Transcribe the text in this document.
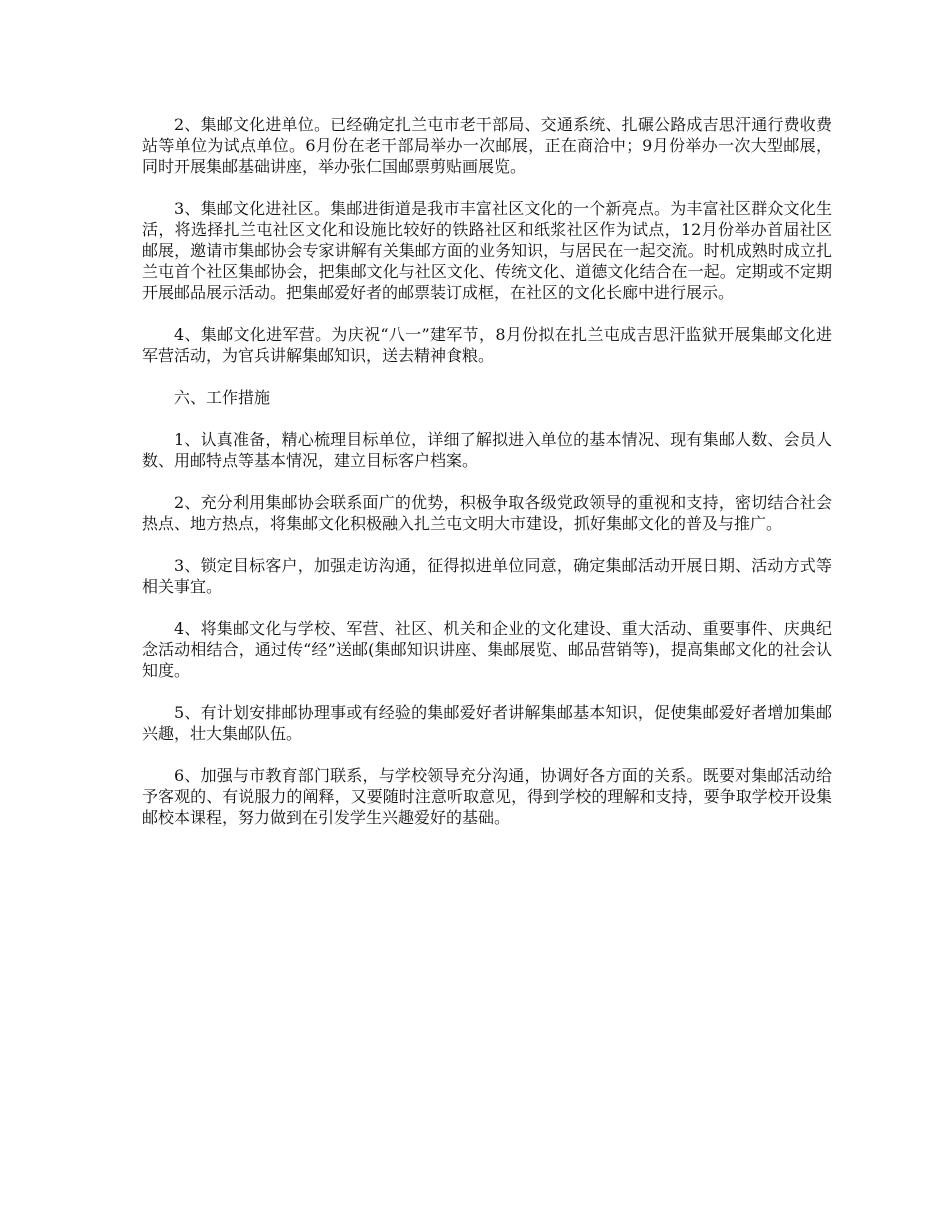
2、集邮文化进单位。已经确定扎兰屯市老干部局、交通系统、扎碾公路成吉思汗通行费收费站等单位为试点单位。6月份在老干部局举办一次邮展，正在商洽中；9月份举办一次大型邮展，同时开展集邮基础讲座，举办张仁国邮票剪贴画展览。

3、集邮文化进社区。集邮进街道是我市丰富社区文化的一个新亮点。为丰富社区群众文化生活，将选择扎兰屯社区文化和设施比较好的铁路社区和纸浆社区作为试点，12月份举办首届社区邮展，邀请市集邮协会专家讲解有关集邮方面的业务知识，与居民在一起交流。时机成熟时成立扎兰屯首个社区集邮协会，把集邮文化与社区文化、传统文化、道德文化结合在一起。定期或不定期开展邮品展示活动。把集邮爱好者的邮票装订成框，在社区的文化长廊中进行展示。

4、集邮文化进军营。为庆祝“八一”建军节，8月份拟在扎兰屯成吉思汗监狱开展集邮文化进军营活动，为官兵讲解集邮知识，送去精神食粮。

六、工作措施

1、认真准备，精心梳理目标单位，详细了解拟进入单位的基本情况、现有集邮人数、会员人数、用邮特点等基本情况，建立目标客户档案。

2、充分利用集邮协会联系面广的优势，积极争取各级党政领导的重视和支持，密切结合社会热点、地方热点，将集邮文化积极融入扎兰屯文明大市建设，抓好集邮文化的普及与推广。

3、锁定目标客户，加强走访沟通，征得拟进单位同意，确定集邮活动开展日期、活动方式等相关事宜。

4、将集邮文化与学校、军营、社区、机关和企业的文化建设、重大活动、重要事件、庆典纪念活动相结合，通过传“经”送邮(集邮知识讲座、集邮展览、邮品营销等)，提高集邮文化的社会认知度。

5、有计划安排邮协理事或有经验的集邮爱好者讲解集邮基本知识，促使集邮爱好者增加集邮兴趣，壮大集邮队伍。

6、加强与市教育部门联系，与学校领导充分沟通，协调好各方面的关系。既要对集邮活动给予客观的、有说服力的阐释，又要随时注意听取意见，得到学校的理解和支持，要争取学校开设集邮校本课程，努力做到在引发学生兴趣爱好的基础。
